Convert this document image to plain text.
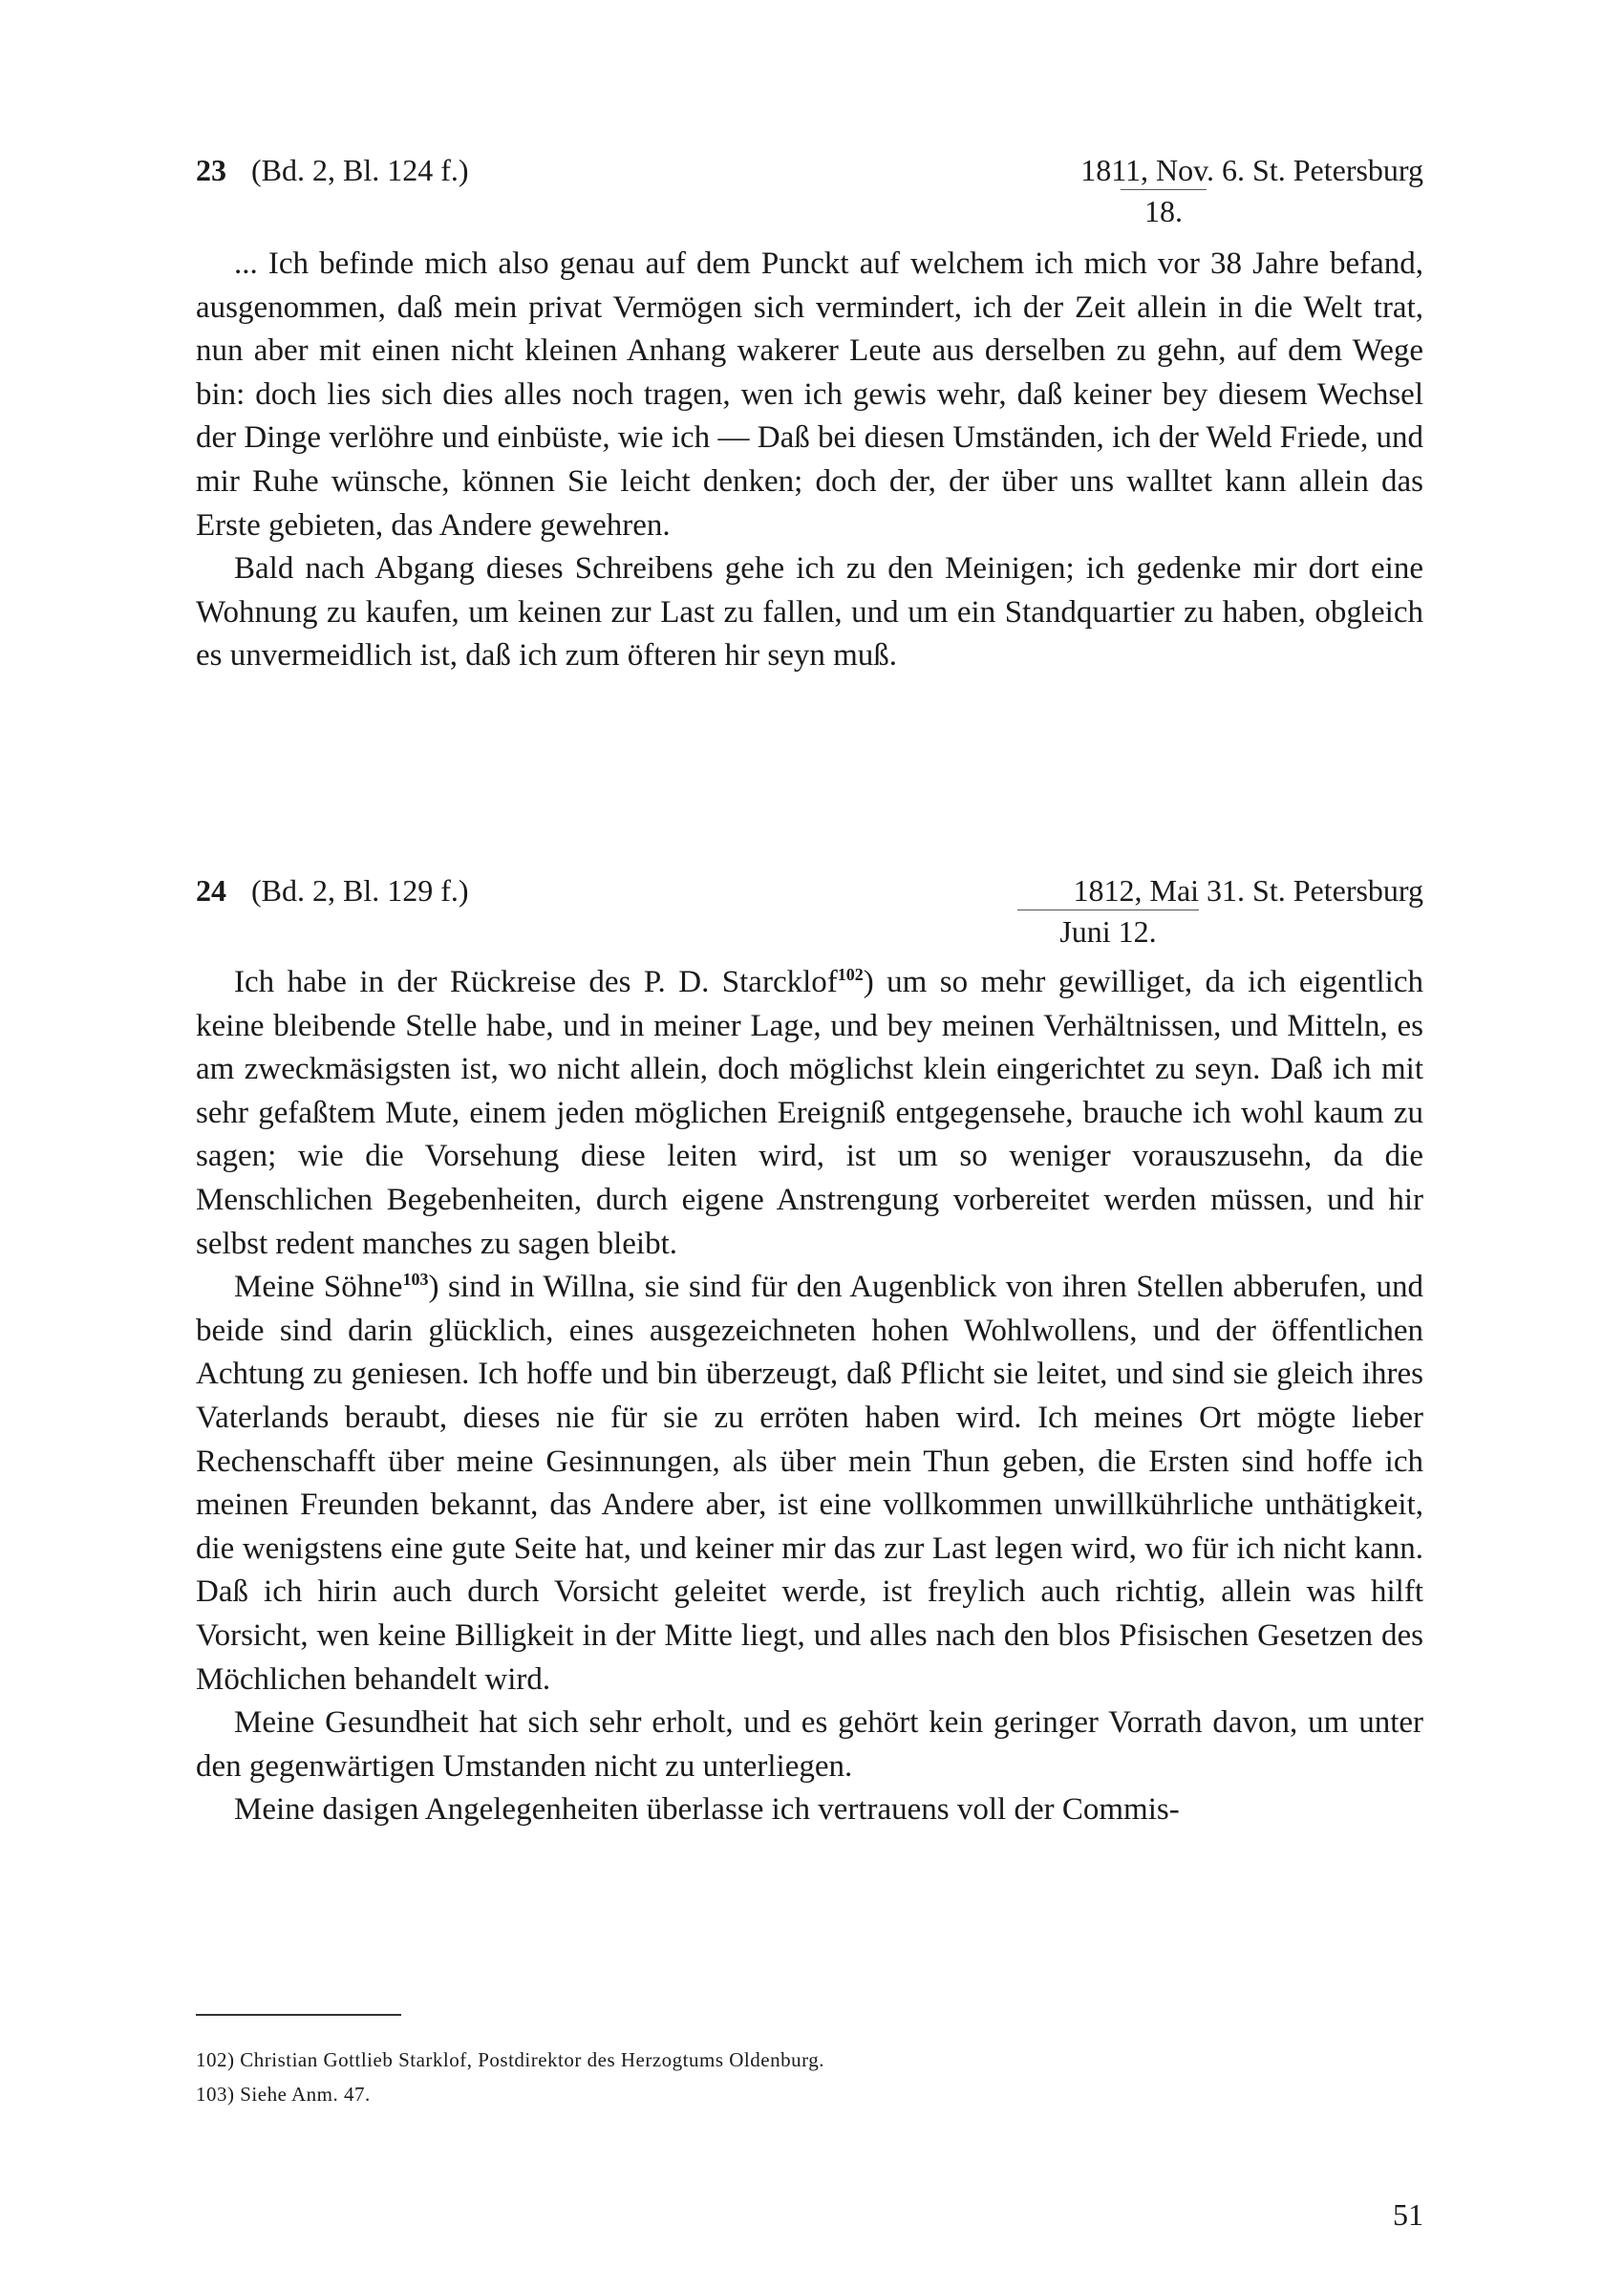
23 (Bd. 2, Bl. 124 f.)	1811, Nov. 6. St. Petersburg
18.

... Ich befinde mich also genau auf dem Punckt auf welchem ich mich vor 38 Jahre befand, ausgenommen, daß mein privat Vermögen sich vermindert, ich der Zeit allein in die Welt trat, nun aber mit einen nicht kleinen Anhang wakerer Leute aus derselben zu gehn, auf dem Wege bin: doch lies sich dies alles noch tragen, wen ich gewis wehr, daß keiner bey diesem Wechsel der Dinge verlöhre und einbüste, wie ich — Daß bei diesen Umständen, ich der Weld Friede, und mir Ruhe wünsche, können Sie leicht denken; doch der, der über uns walltet kann allein das Erste gebieten, das Andere gewehren.

Bald nach Abgang dieses Schreibens gehe ich zu den Meinigen; ich gedenke mir dort eine Wohnung zu kaufen, um keinen zur Last zu fallen, und um ein Standquartier zu haben, obgleich es unvermeidlich ist, daß ich zum öfteren hir seyn muß.

24 (Bd. 2, Bl. 129 f.)	1812, Mai 31. St. Petersburg
Juni 12.

Ich habe in der Rückreise des P. D. Starcklof$^{102}$) um so mehr gewilliget, da ich eigentlich keine bleibende Stelle habe, und in meiner Lage, und bey meinen Verhältnissen, und Mitteln, es am zweckmäsigsten ist, wo nicht allein, doch möglichst klein eingerichtet zu seyn. Daß ich mit sehr gefaßtem Mute, einem jeden möglichen Ereigniß entgegensehe, brauche ich wohl kaum zu sagen; wie die Vorsehung diese leiten wird, ist um so weniger vorauszusehn, da die Menschlichen Begebenheiten, durch eigene Anstrengung vorbereitet werden müssen, und hir selbst redent manches zu sagen bleibt.

Meine Söhne$^{103}$) sind in Willna, sie sind für den Augenblick von ihren Stellen abberufen, und beide sind darin glücklich, eines ausgezeichneten hohen Wohlwollens, und der öffentlichen Achtung zu geniesen. Ich hoffe und bin überzeugt, daß Pflicht sie leitet, und sind sie gleich ihres Vaterlands beraubt, dieses nie für sie zu erröten haben wird. Ich meines Ort mögte lieber Rechenschafft über meine Gesinnungen, als über mein Thun geben, die Ersten sind hoffe ich meinen Freunden bekannt, das Andere aber, ist eine vollkommen unwillkührliche unthätigkeit, die wenigstens eine gute Seite hat, und keiner mir das zur Last legen wird, wo für ich nicht kann. Daß ich hirin auch durch Vorsicht geleitet werde, ist freylich auch richtig, allein was hilft Vorsicht, wen keine Billigkeit in der Mitte liegt, und alles nach den blos Pfisischen Gesetzen des Möchlichen behandelt wird.

Meine Gesundheit hat sich sehr erholt, und es gehört kein geringer Vorrath davon, um unter den gegenwärtigen Umstanden nicht zu unterliegen.

Meine dasigen Angelegenheiten überlasse ich vertrauens voll der Commis-

102) Christian Gottlieb Starklof, Postdirektor des Herzogtums Oldenburg.
103) Siehe Anm. 47.
51
